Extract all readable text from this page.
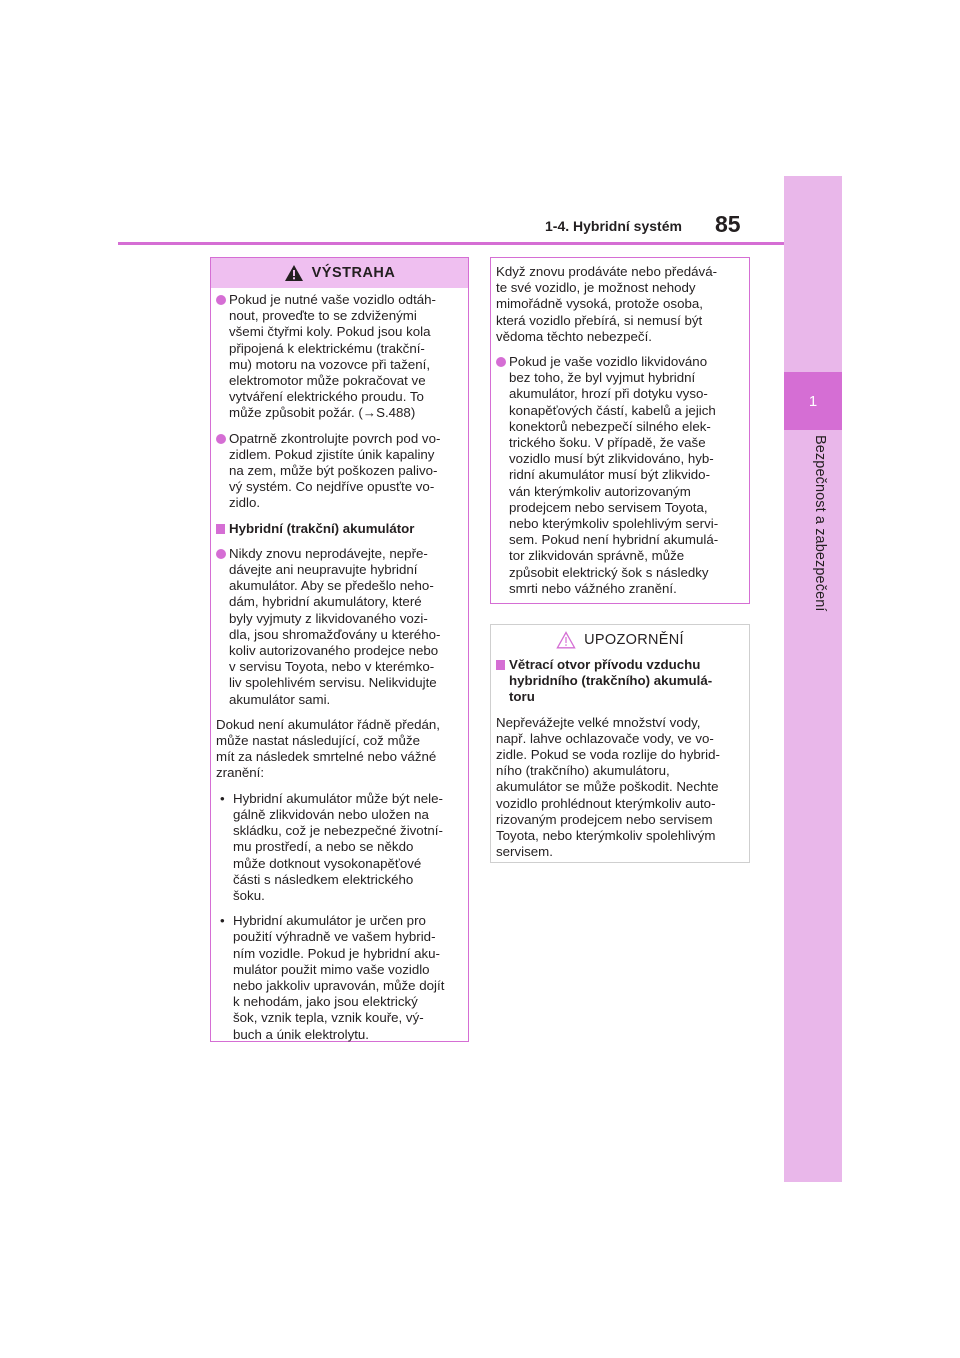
1
Bezpečnost a zabezpečení
1-4. Hybridní systém 85
VÝSTRAHA
Pokud je nutné vaše vozidlo odtáh-
nout, proveďte to se zdviženými
všemi čtyřmi koly. Pokud jsou kola
připojená k elektrickému (trakční-
mu) motoru na vozovce při tažení,
elektromotor může pokračovat ve
vytváření elektrického proudu. To
může způsobit požár. (→S.488)
Opatrně zkontrolujte povrch pod vo-
zidlem. Pokud zjistíte únik kapaliny
na zem, může být poškozen palivo-
vý systém. Co nejdříve opusťte vo-
zidlo.
Hybridní (trakční) akumulátor
Nikdy znovu neprodávejte, nepře-
dávejte ani neupravujte hybridní
akumulátor. Aby se předešlo neho-
dám, hybridní akumulátory, které
byly vyjmuty z likvidovaného vozi-
dla, jsou shromažďovány u kterého-
koliv autorizovaného prodejce nebo
v servisu Toyota, nebo v kterémko-
liv spolehlivém servisu. Nelikvidujte
akumulátor sami.
Dokud není akumulátor řádně předán,
může nastat následující, což může
mít za následek smrtelné nebo vážné
zranění:
• Hybridní akumulátor může být nele-
gálně zlikvidován nebo uložen na
skládku, což je nebezpečné životní-
mu prostředí, a nebo se někdo
může dotknout vysokonapěťové
části s následkem elektrického
šoku.
• Hybridní akumulátor je určen pro
použití výhradně ve vašem hybrid-
ním vozidle. Pokud je hybridní aku-
mulátor použit mimo vaše vozidlo
nebo jakkoliv upravován, může dojít
k nehodám, jako jsou elektrický
šok, vznik tepla, vznik kouře, vý-
buch a únik elektrolytu.
Když znovu prodáváte nebo předává-
te své vozidlo, je možnost nehody
mimořádně vysoká, protože osoba,
která vozidlo přebírá, si nemusí být
vědoma těchto nebezpečí.
Pokud je vaše vozidlo likvidováno
bez toho, že byl vyjmut hybridní
akumulátor, hrozí při dotyku vyso-
konapěťových částí, kabelů a jejich
konektorů nebezpečí silného elek-
trického šoku. V případě, že vaše
vozidlo musí být zlikvidováno, hyb-
ridní akumulátor musí být zlikvido-
ván kterýmkoliv autorizovaným
prodejcem nebo servisem Toyota,
nebo kterýmkoliv spolehlivým servi-
sem. Pokud není hybridní akumulá-
tor zlikvidován správně, může
způsobit elektrický šok s následky
smrti nebo vážného zranění.
UPOZORNĚNÍ
Větrací otvor přívodu vzduchu
hybridního (trakčního) akumulá-
toru
Nepřevážejte velké množství vody,
např. lahve ochlazovače vody, ve vo-
zidle. Pokud se voda rozlije do hybrid-
ního (trakčního) akumulátoru,
akumulátor se může poškodit. Nechte
vozidlo prohlédnout kterýmkoliv auto-
rizovaným prodejcem nebo servisem
Toyota, nebo kterýmkoliv spolehlivým
servisem.
